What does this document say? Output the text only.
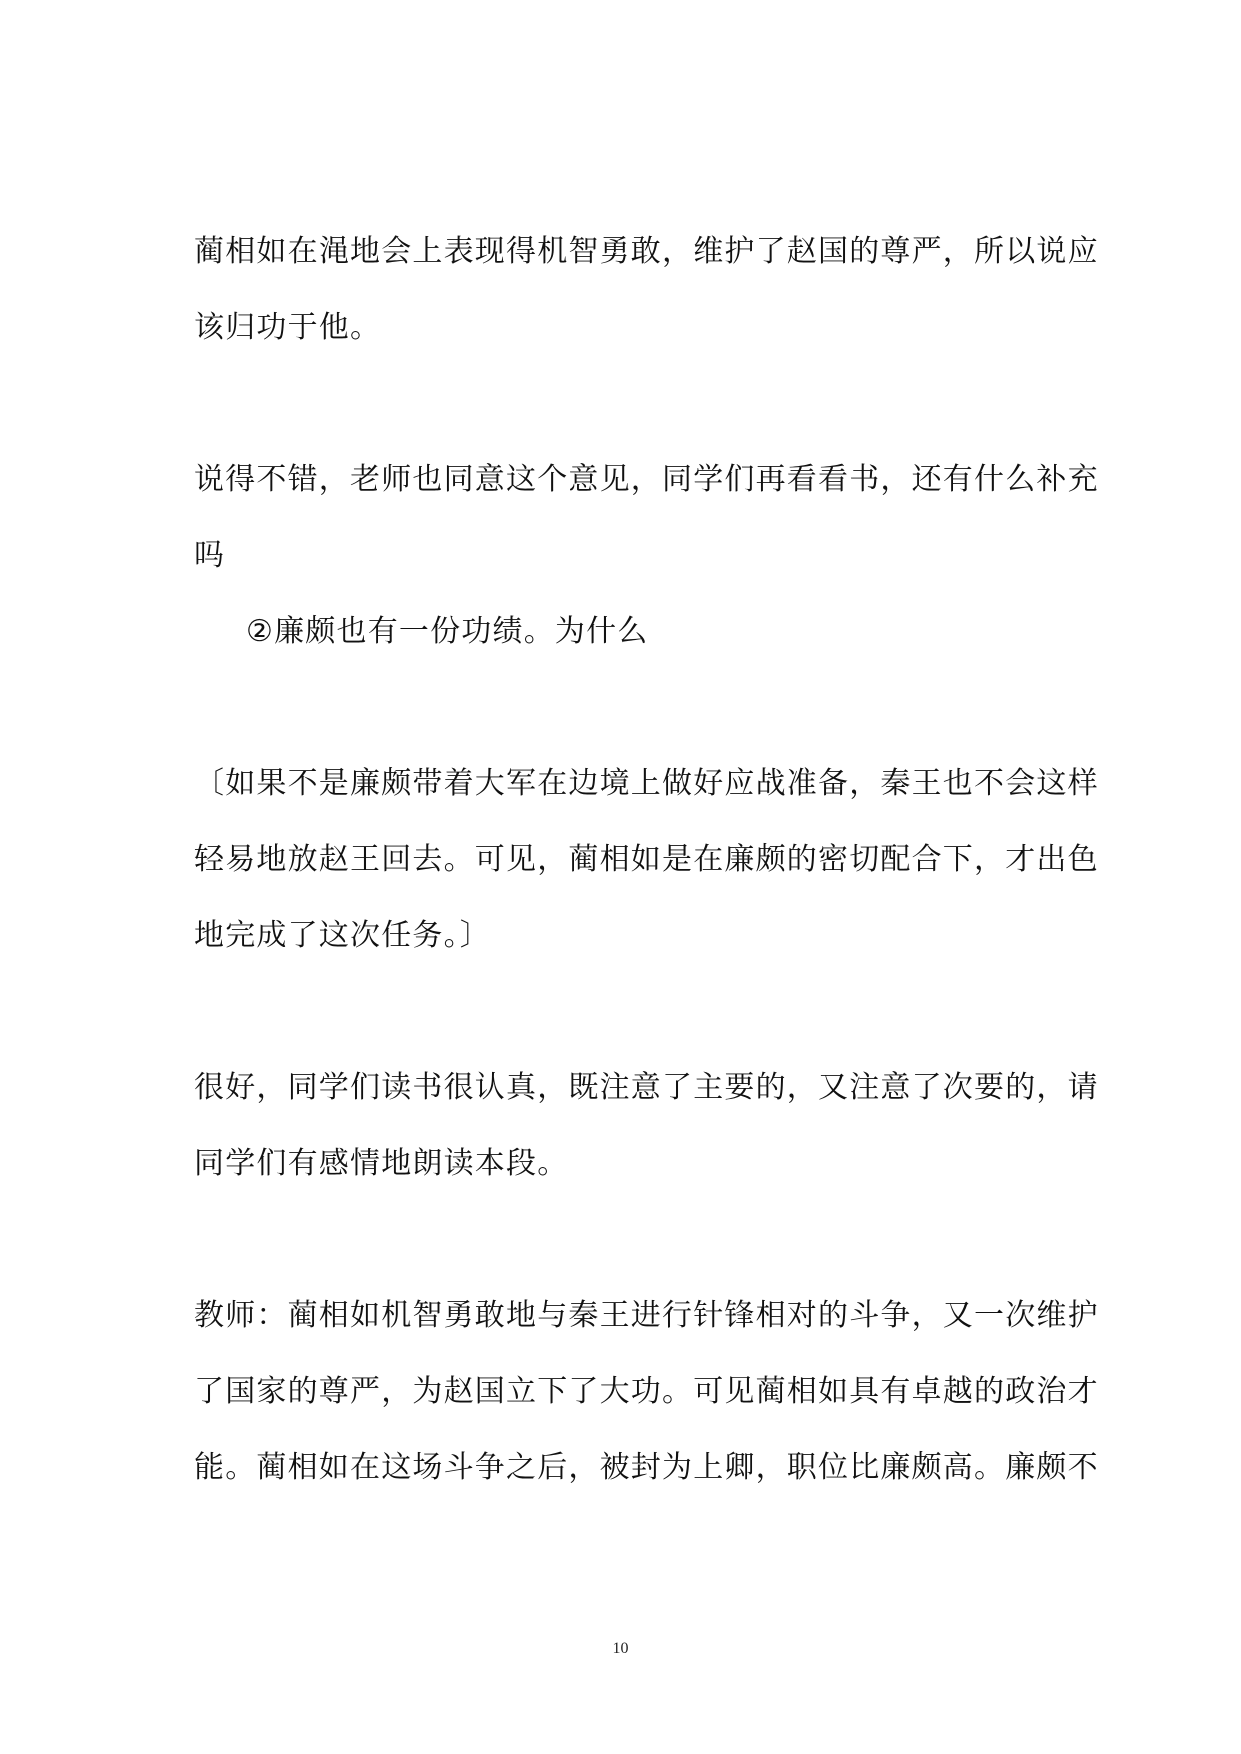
蔺相如在渑地会上表现得机智勇敢，维护了赵国的尊严，所以说应
该归功于他。
说得不错，老师也同意这个意见，同学们再看看书，还有什么补充
吗
②廉颇也有一份功绩。为什么
〔如果不是廉颇带着大军在边境上做好应战准备，秦王也不会这样
轻易地放赵王回去。可见，蔺相如是在廉颇的密切配合下，才出色
地完成了这次任务。〕
很好，同学们读书很认真，既注意了主要的，又注意了次要的，请
同学们有感情地朗读本段。
教师：蔺相如机智勇敢地与秦王进行针锋相对的斗争，又一次维护
了国家的尊严，为赵国立下了大功。可见蔺相如具有卓越的政治才
能。蔺相如在这场斗争之后，被封为上卿，职位比廉颇高。廉颇不
10
